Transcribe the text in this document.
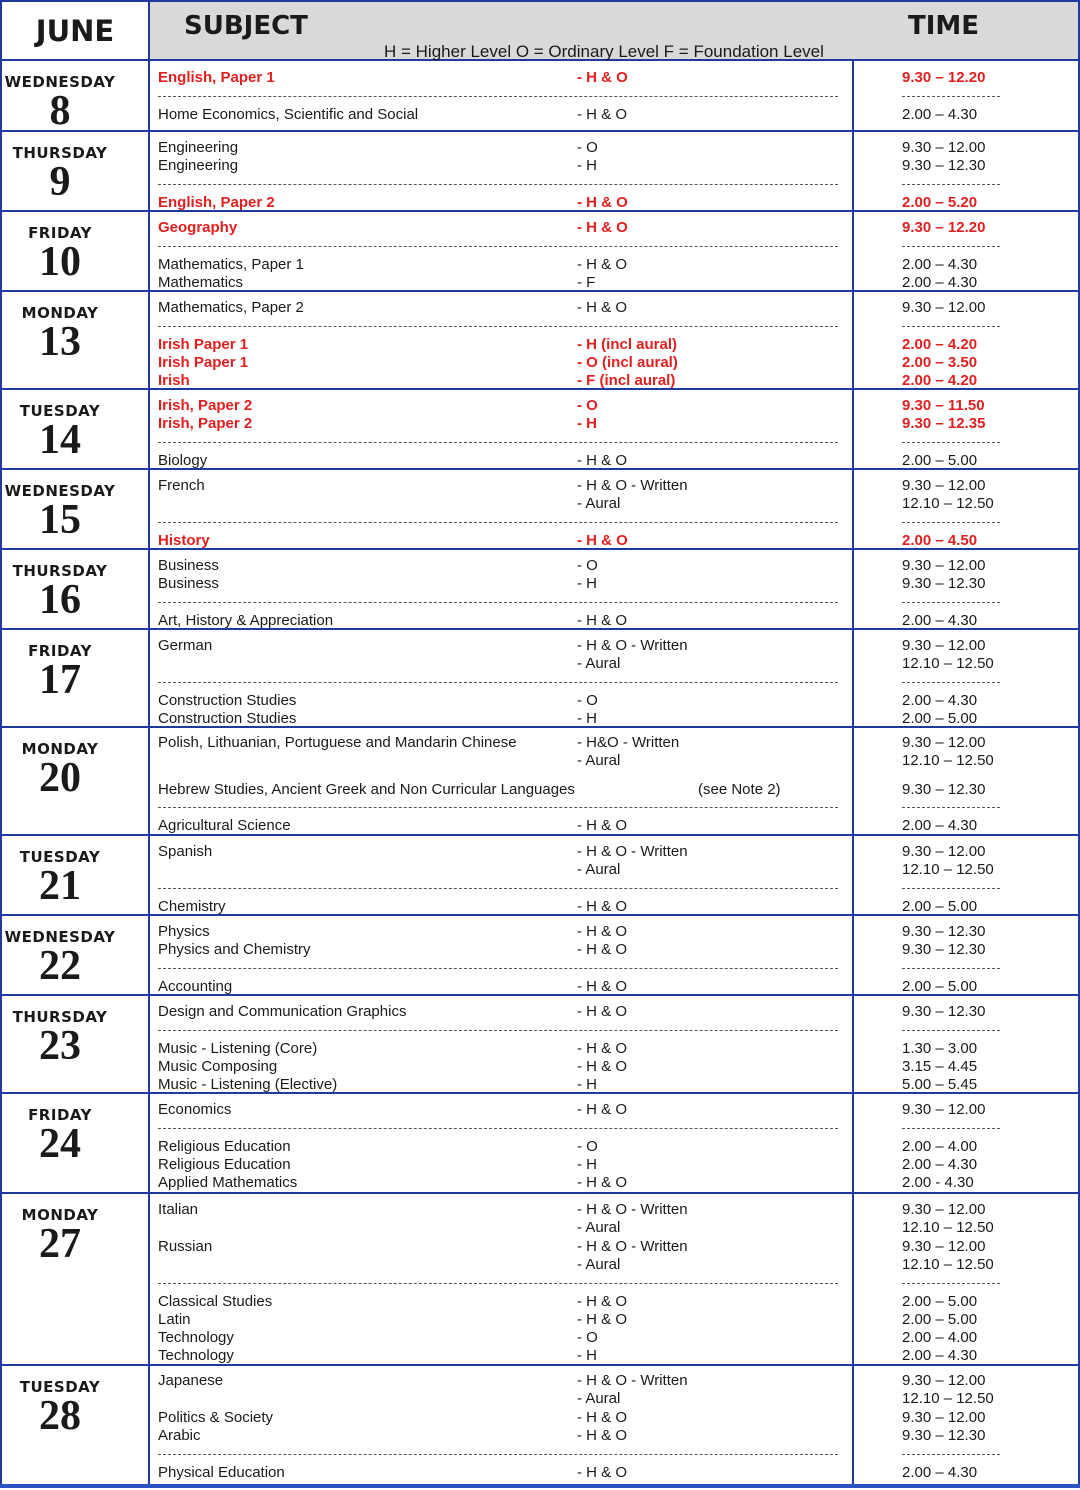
JUNE	SUBJECT	TIME
H = Higher Level O = Ordinary Level F = Foundation Level
WEDNESDAY
8
English, Paper 1	- H & O	9.30 – 12.20
Home Economics, Scientific and Social	- H & O	2.00 – 4.30
THURSDAY
9
Engineering	- O	9.30 – 12.00
Engineering	- H	9.30 – 12.30
English, Paper 2	- H & O	2.00 – 5.20
FRIDAY
10
Geography	- H & O	9.30 – 12.20
Mathematics, Paper 1	- H & O	2.00 – 4.30
Mathematics	- F	2.00 – 4.30
MONDAY
13
Mathematics, Paper 2	- H & O	9.30 – 12.00
Irish Paper 1	- H (incl aural)	2.00 – 4.20
Irish Paper 1	- O (incl aural)	2.00 – 3.50
Irish	- F (incl aural)	2.00 – 4.20
TUESDAY
14
Irish, Paper 2	- O	9.30 – 11.50
Irish, Paper 2	- H	9.30 – 12.35
Biology	- H & O	2.00 – 5.00
WEDNESDAY
15
French	- H & O - Written	9.30 – 12.00
- Aural	12.10 – 12.50
History	- H & O	2.00 – 4.50
THURSDAY
16
Business	- O	9.30 – 12.00
Business	- H	9.30 – 12.30
Art, History & Appreciation	- H & O	2.00 – 4.30
FRIDAY
17
German	- H & O - Written	9.30 – 12.00
- Aural	12.10 – 12.50
Construction Studies	- O	2.00 – 4.30
Construction Studies	- H	2.00 – 5.00
MONDAY
20
Polish, Lithuanian, Portuguese and Mandarin Chinese	- H&O - Written	9.30 – 12.00
- Aural	12.10 – 12.50
Hebrew Studies, Ancient Greek and Non Curricular Languages	(see Note 2)	9.30 – 12.30
Agricultural Science	- H & O	2.00 – 4.30
TUESDAY
21
Spanish	- H & O - Written	9.30 – 12.00
- Aural	12.10 – 12.50
Chemistry	- H & O	2.00 – 5.00
WEDNESDAY
22
Physics	- H & O	9.30 – 12.30
Physics and Chemistry	- H & O	9.30 – 12.30
Accounting	- H & O	2.00 – 5.00
THURSDAY
23
Design and Communication Graphics	- H & O	9.30 – 12.30
Music - Listening (Core)	- H & O	1.30 – 3.00
Music Composing	- H & O	3.15 – 4.45
Music - Listening (Elective)	- H	5.00 – 5.45
FRIDAY
24
Economics	- H & O	9.30 – 12.00
Religious Education	- O	2.00 – 4.00
Religious Education	- H	2.00 – 4.30
Applied Mathematics	- H & O	2.00 - 4.30
MONDAY
27
Italian	- H & O - Written	9.30 – 12.00
- Aural	12.10 – 12.50
Russian	- H & O - Written	9.30 – 12.00
- Aural	12.10 – 12.50
Classical Studies	- H & O	2.00 – 5.00
Latin	- H & O	2.00 – 5.00
Technology	- O	2.00 – 4.00
Technology	- H	2.00 – 4.30
TUESDAY
28
Japanese	- H & O - Written	9.30 – 12.00
- Aural	12.10 – 12.50
Politics & Society	- H & O	9.30 – 12.00
Arabic	- H & O	9.30 – 12.30
Physical Education	- H & O	2.00 – 4.30
